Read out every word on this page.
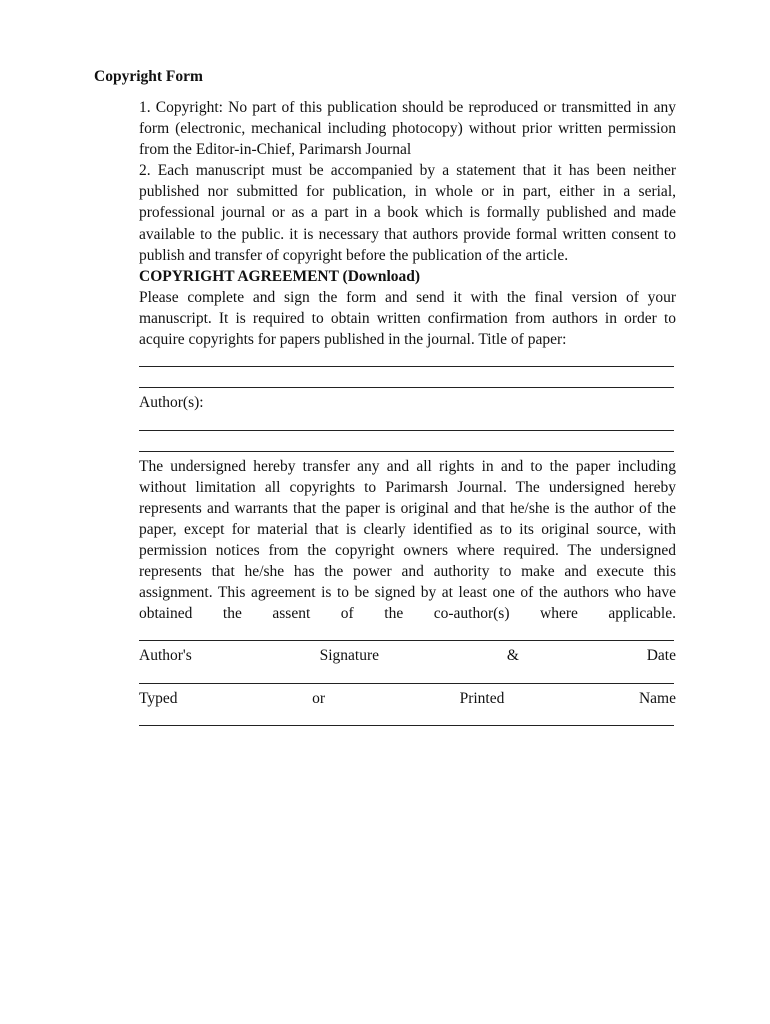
Copyright Form

1. Copyright: No part of this publication should be reproduced or transmitted in any form (electronic, mechanical including photocopy) without prior written permission from the Editor-in-Chief, Parimarsh Journal

2. Each manuscript must be accompanied by a statement that it has been neither published nor submitted for publication, in whole or in part, either in a serial, professional journal or as a part in a book which is formally published and made available to the public. it is necessary that authors provide formal written consent to publish and transfer of copyright before the publication of the article.

COPYRIGHT AGREEMENT (Download)

Please complete and sign the form and send it with the final version of your manuscript. It is required to obtain written confirmation from authors in order to acquire copyrights for papers published in the journal. Title of paper:

Author(s):

The undersigned hereby transfer any and all rights in and to the paper including without limitation all copyrights to Parimarsh Journal. The undersigned hereby represents and warrants that the paper is original and that he/she is the author of the paper, except for material that is clearly identified as to its original source, with permission notices from the copyright owners where required. The undersigned represents that he/she has the power and authority to make and execute this assignment. This agreement is to be signed by at least one of the authors who have obtained the assent of the co-author(s) where applicable.

Author's	Signature	&	Date
Typed	or	Printed	Name
